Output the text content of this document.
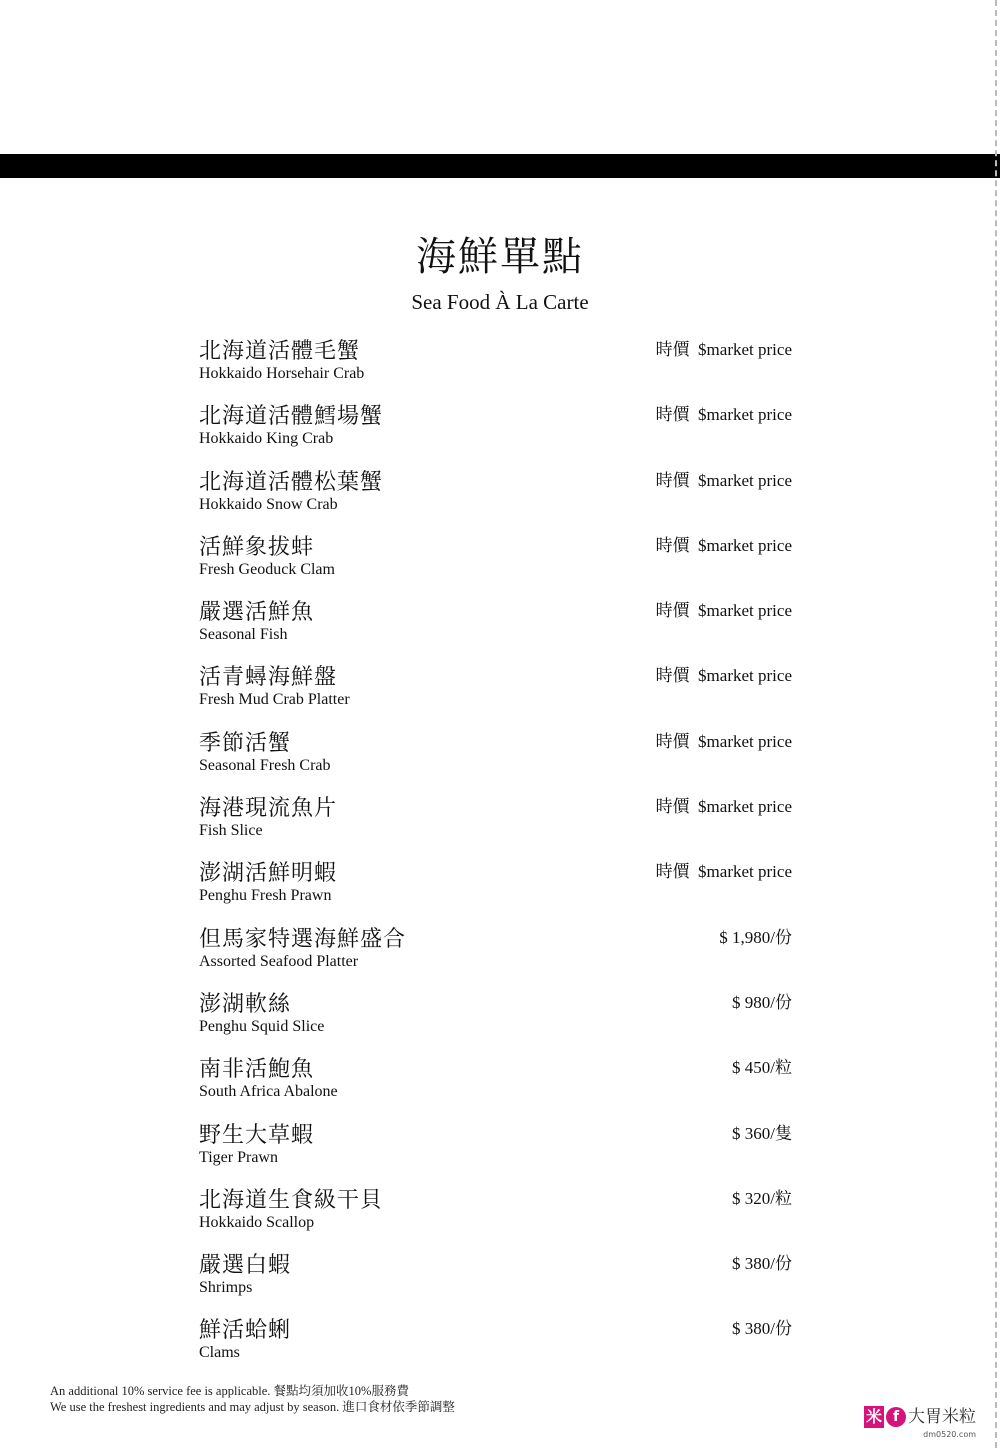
海鮮單點
Sea Food À La Carte
北海道活體毛蟹
Hokkaido Horsehair Crab
時價  $market price
北海道活體鱈場蟹
Hokkaido King Crab
時價  $market price
北海道活體松葉蟹
Hokkaido Snow Crab
時價  $market price
活鮮象拔蚌
Fresh Geoduck Clam
時價  $market price
嚴選活鮮魚
Seasonal Fish
時價  $market price
活青蟳海鮮盤
Fresh Mud Crab Platter
時價  $market price
季節活蟹
Seasonal Fresh Crab
時價  $market price
海港現流魚片
Fish Slice
時價  $market price
澎湖活鮮明蝦
Penghu Fresh Prawn
時價  $market price
但馬家特選海鮮盛合
Assorted Seafood Platter
$ 1,980/份
澎湖軟絲
Penghu Squid Slice
$ 980/份
南非活鮑魚
South Africa Abalone
$ 450/粒
野生大草蝦
Tiger Prawn
$ 360/隻
北海道生食級干貝
Hokkaido Scallop
$ 320/粒
嚴選白蝦
Shrimps
$ 380/份
鮮活蛤蜊
Clams
$ 380/份
An additional 10% service fee is applicable. 餐點均須加收10%服務費
We use the freshest ingredients and may adjust by season. 進口食材依季節調整	米 f 大胃米粒
dm0520.com
